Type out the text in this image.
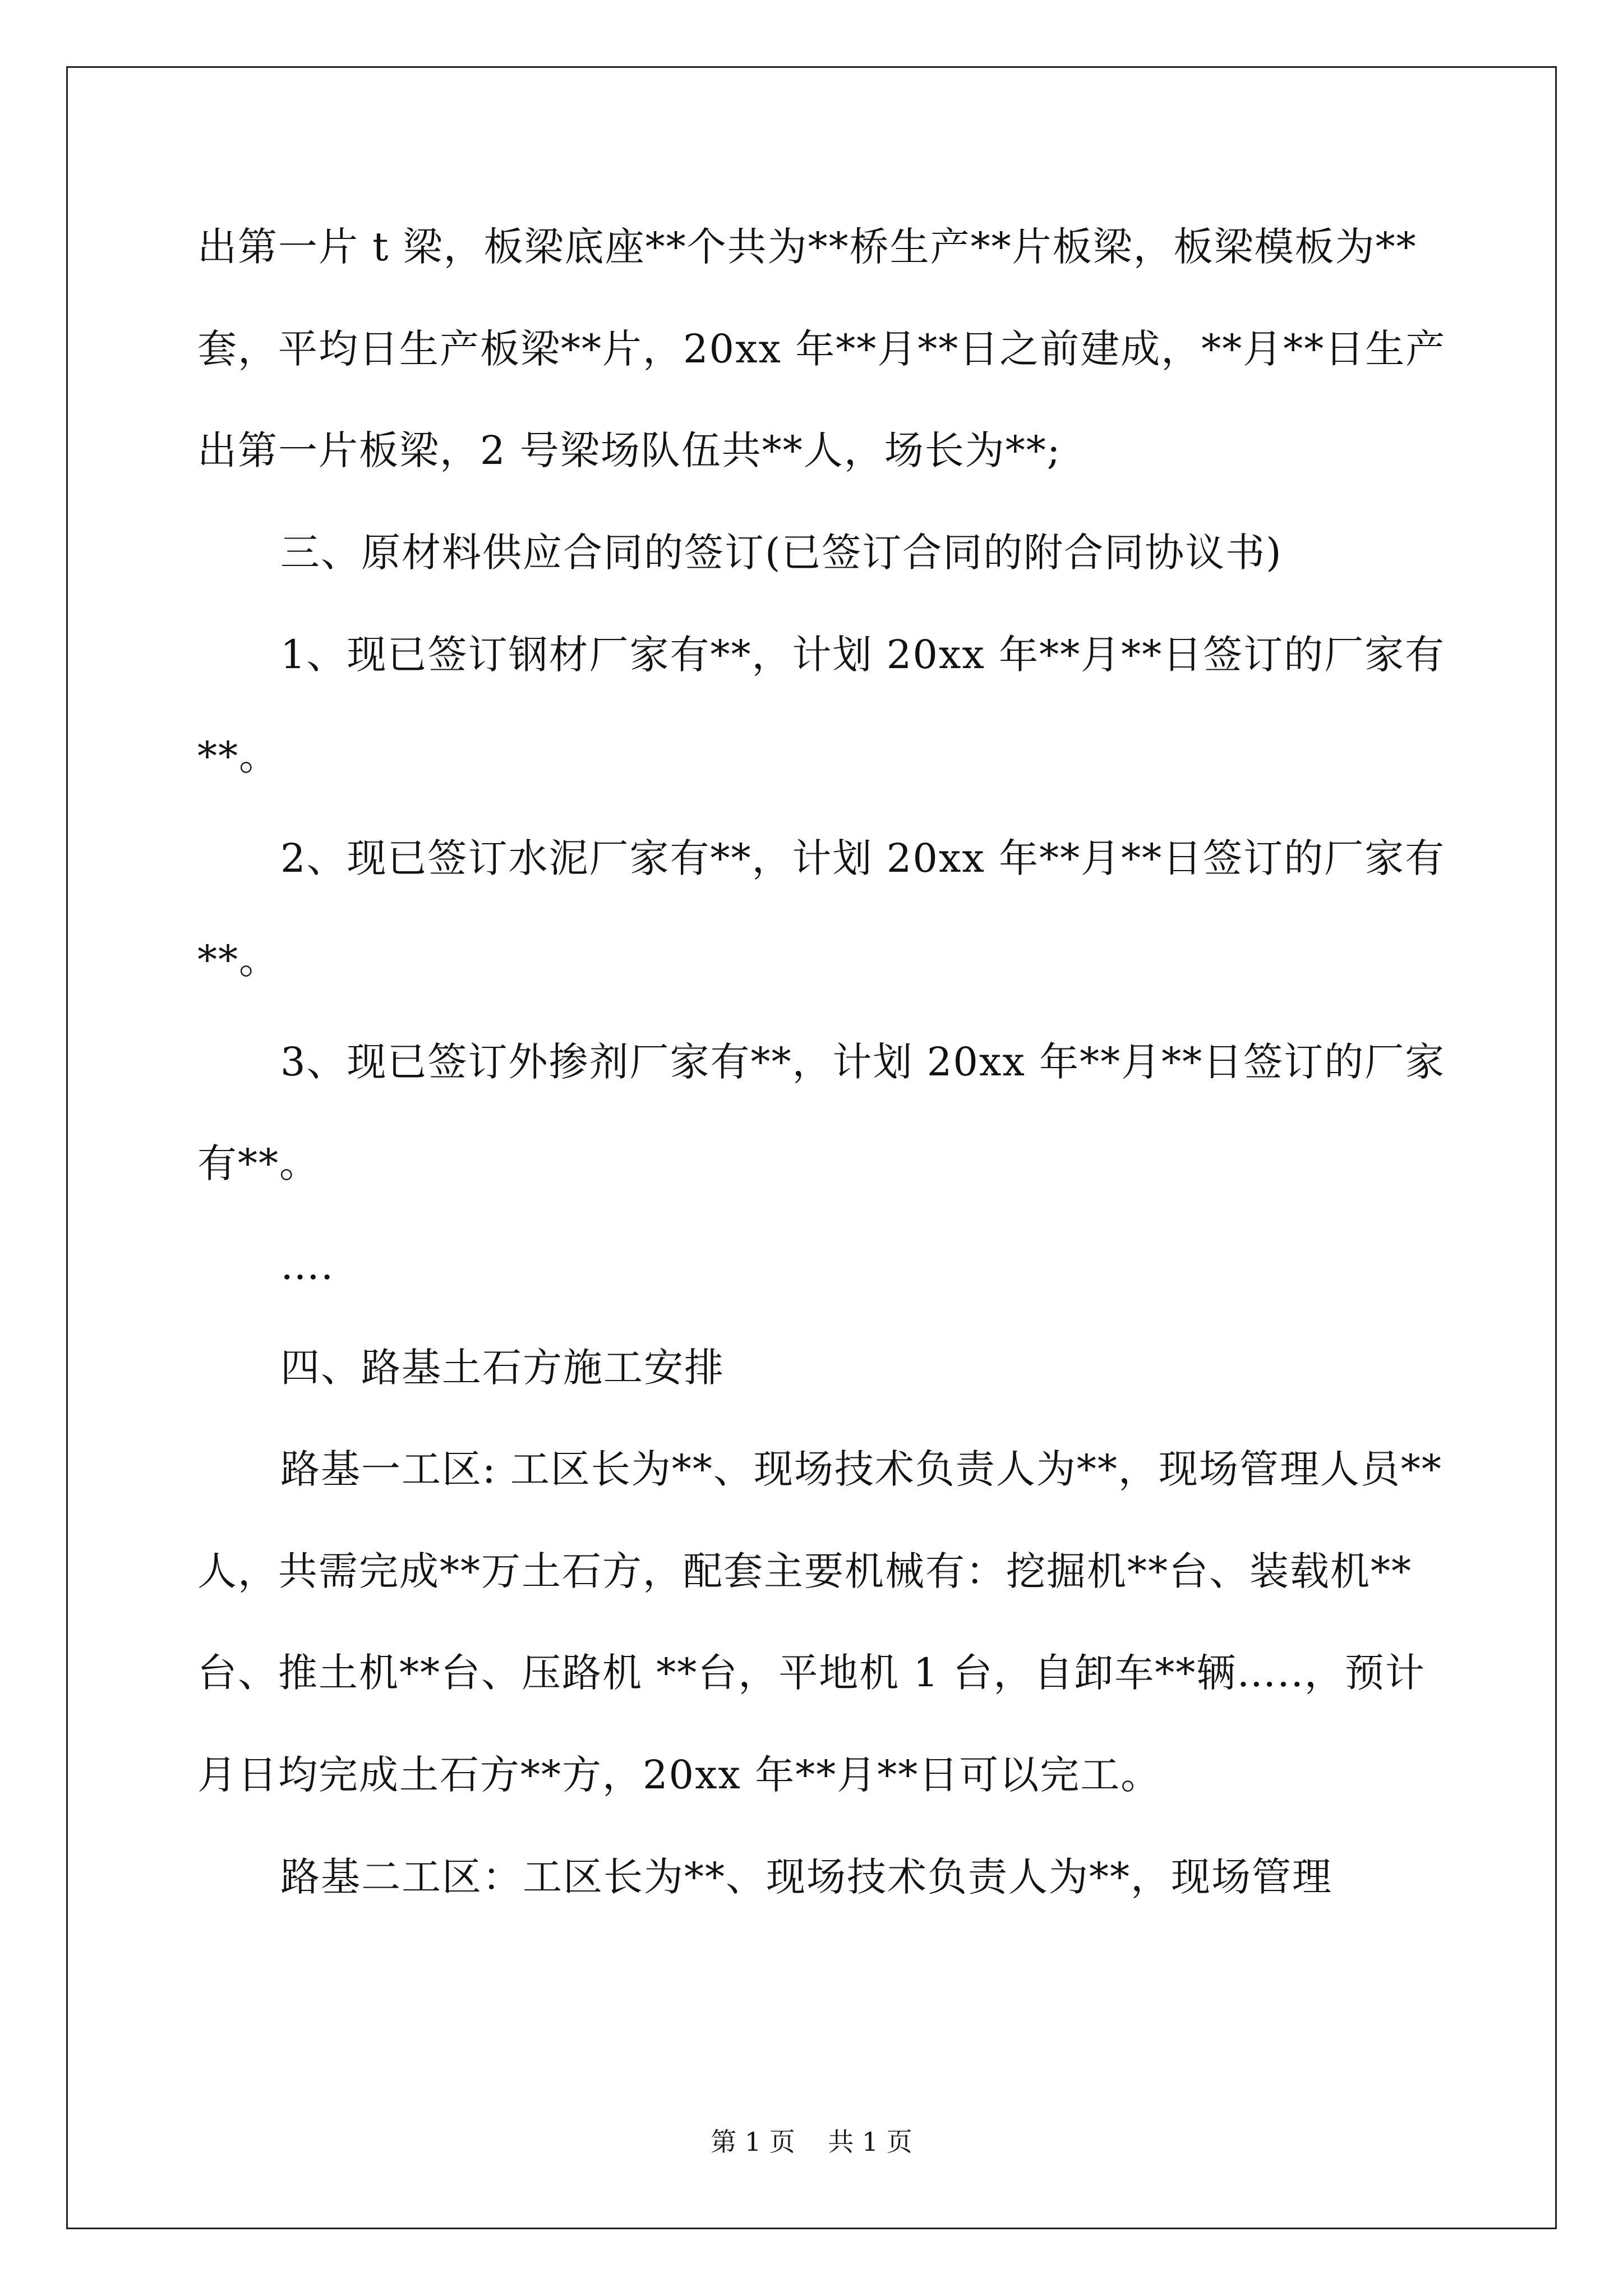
出第一片 t 梁，板梁底座**个共为**桥生产**片板梁，板梁模板为**
套，平均日生产板梁**片，20xx 年**月**日之前建成，**月**日生产
出第一片板梁，2 号梁场队伍共**人，场长为**;
三、原材料供应合同的签订(已签订合同的附合同协议书)
1、现已签订钢材厂家有**，计划 20xx 年**月**日签订的厂家有
**。
2、现已签订水泥厂家有**，计划 20xx 年**月**日签订的厂家有
**。
3、现已签订外掺剂厂家有**，计划 20xx 年**月**日签订的厂家
有**。
….
四、路基土石方施工安排
路基一工区: 工区长为**、现场技术负责人为**，现场管理人员**
人，共需完成**万土石方，配套主要机械有：挖掘机**台、装载机**
台、推土机**台、压路机 **台，平地机 1 台，自卸车**辆…..，预计
月日均完成土石方**方，20xx 年**月**日可以完工。
路基二工区：工区长为**、现场技术负责人为**，现场管理
第 1 页    共 1 页
